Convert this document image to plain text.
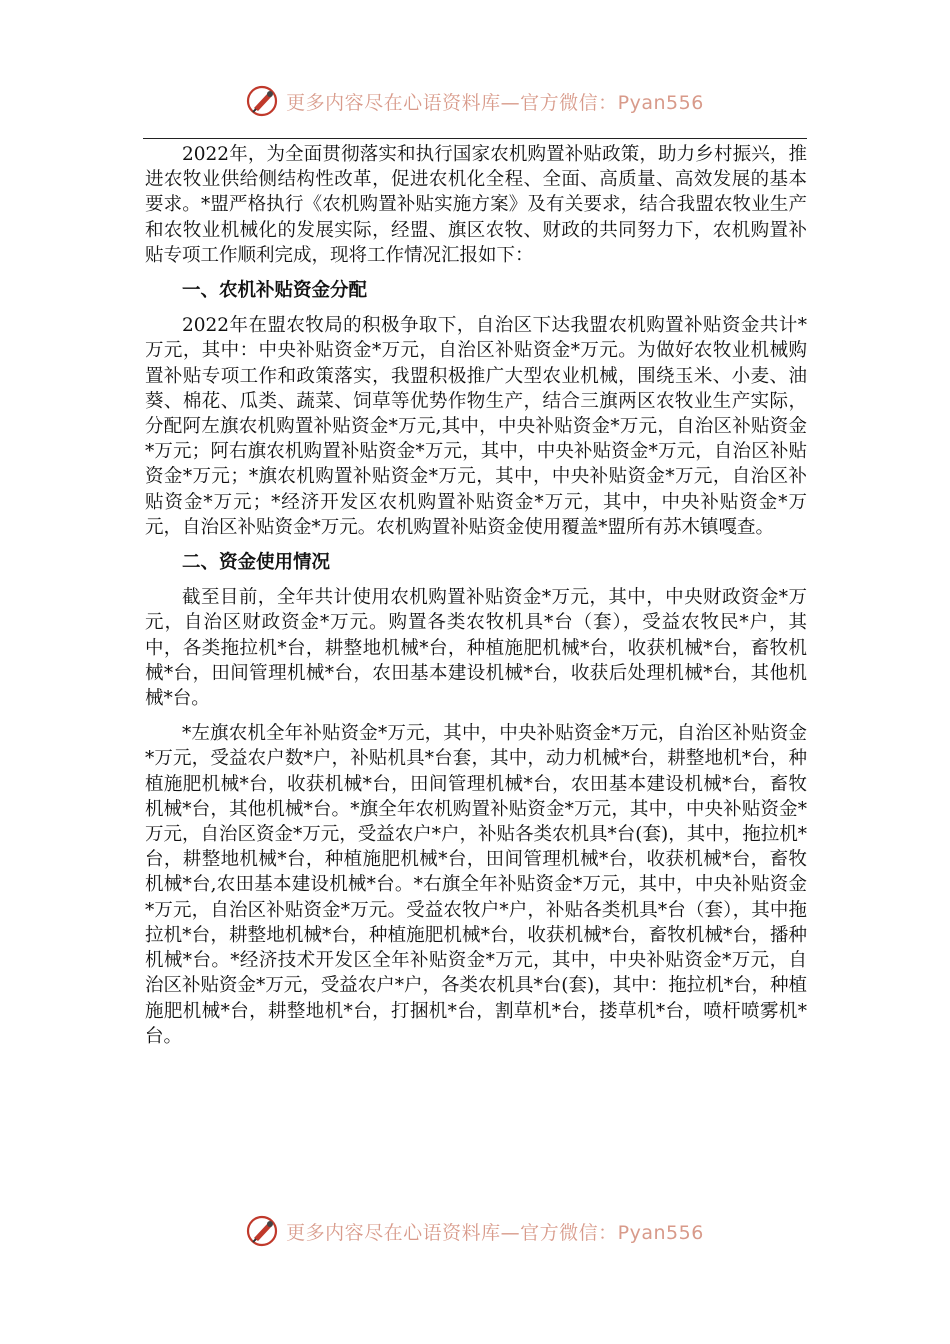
更多内容尽在心语资料库—官方微信：Pyan556

2022年，为全面贯彻落实和执行国家农机购置补贴政策，助力乡村振兴，推进农牧业供给侧结构性改革，促进农机化全程、全面、高质量、高效发展的基本要求。*盟严格执行《农机购置补贴实施方案》及有关要求，结合我盟农牧业生产和农牧业机械化的发展实际，经盟、旗区农牧、财政的共同努力下，农机购置补贴专项工作顺利完成，现将工作情况汇报如下：

一、农机补贴资金分配

2022年在盟农牧局的积极争取下，自治区下达我盟农机购置补贴资金共计*万元，其中：中央补贴资金*万元，自治区补贴资金*万元。为做好农牧业机械购置补贴专项工作和政策落实，我盟积极推广大型农业机械，围绕玉米、小麦、油葵、棉花、瓜类、蔬菜、饲草等优势作物生产，结合三旗两区农牧业生产实际，分配阿左旗农机购置补贴资金*万元,其中，中央补贴资金*万元，自治区补贴资金*万元；阿右旗农机购置补贴资金*万元，其中，中央补贴资金*万元，自治区补贴资金*万元；*旗农机购置补贴资金*万元，其中，中央补贴资金*万元，自治区补贴资金*万元；*经济开发区农机购置补贴资金*万元，其中，中央补贴资金*万元，自治区补贴资金*万元。农机购置补贴资金使用覆盖*盟所有苏木镇嘎查。

二、资金使用情况

截至目前，全年共计使用农机购置补贴资金*万元，其中，中央财政资金*万元，自治区财政资金*万元。购置各类农牧机具*台（套），受益农牧民*户，其中，各类拖拉机*台，耕整地机械*台，种植施肥机械*台，收获机械*台，畜牧机械*台，田间管理机械*台，农田基本建设机械*台，收获后处理机械*台，其他机械*台。

*左旗农机全年补贴资金*万元，其中，中央补贴资金*万元，自治区补贴资金*万元，受益农户数*户，补贴机具*台套，其中，动力机械*台，耕整地机*台，种植施肥机械*台，收获机械*台，田间管理机械*台，农田基本建设机械*台，畜牧机械*台，其他机械*台。*旗全年农机购置补贴资金*万元，其中，中央补贴资金*万元，自治区资金*万元，受益农户*户，补贴各类农机具*台(套)，其中，拖拉机*台，耕整地机械*台，种植施肥机械*台，田间管理机械*台，收获机械*台，畜牧机械*台,农田基本建设机械*台。*右旗全年补贴资金*万元，其中，中央补贴资金*万元，自治区补贴资金*万元。受益农牧户*户，补贴各类机具*台（套），其中拖拉机*台，耕整地机械*台，种植施肥机械*台，收获机械*台，畜牧机械*台，播种机械*台。*经济技术开发区全年补贴资金*万元，其中，中央补贴资金*万元，自治区补贴资金*万元，受益农户*户，各类农机具*台(套)，其中：拖拉机*台，种植施肥机械*台，耕整地机*台，打捆机*台，割草机*台，搂草机*台，喷杆喷雾机*台。

更多内容尽在心语资料库—官方微信：Pyan556
